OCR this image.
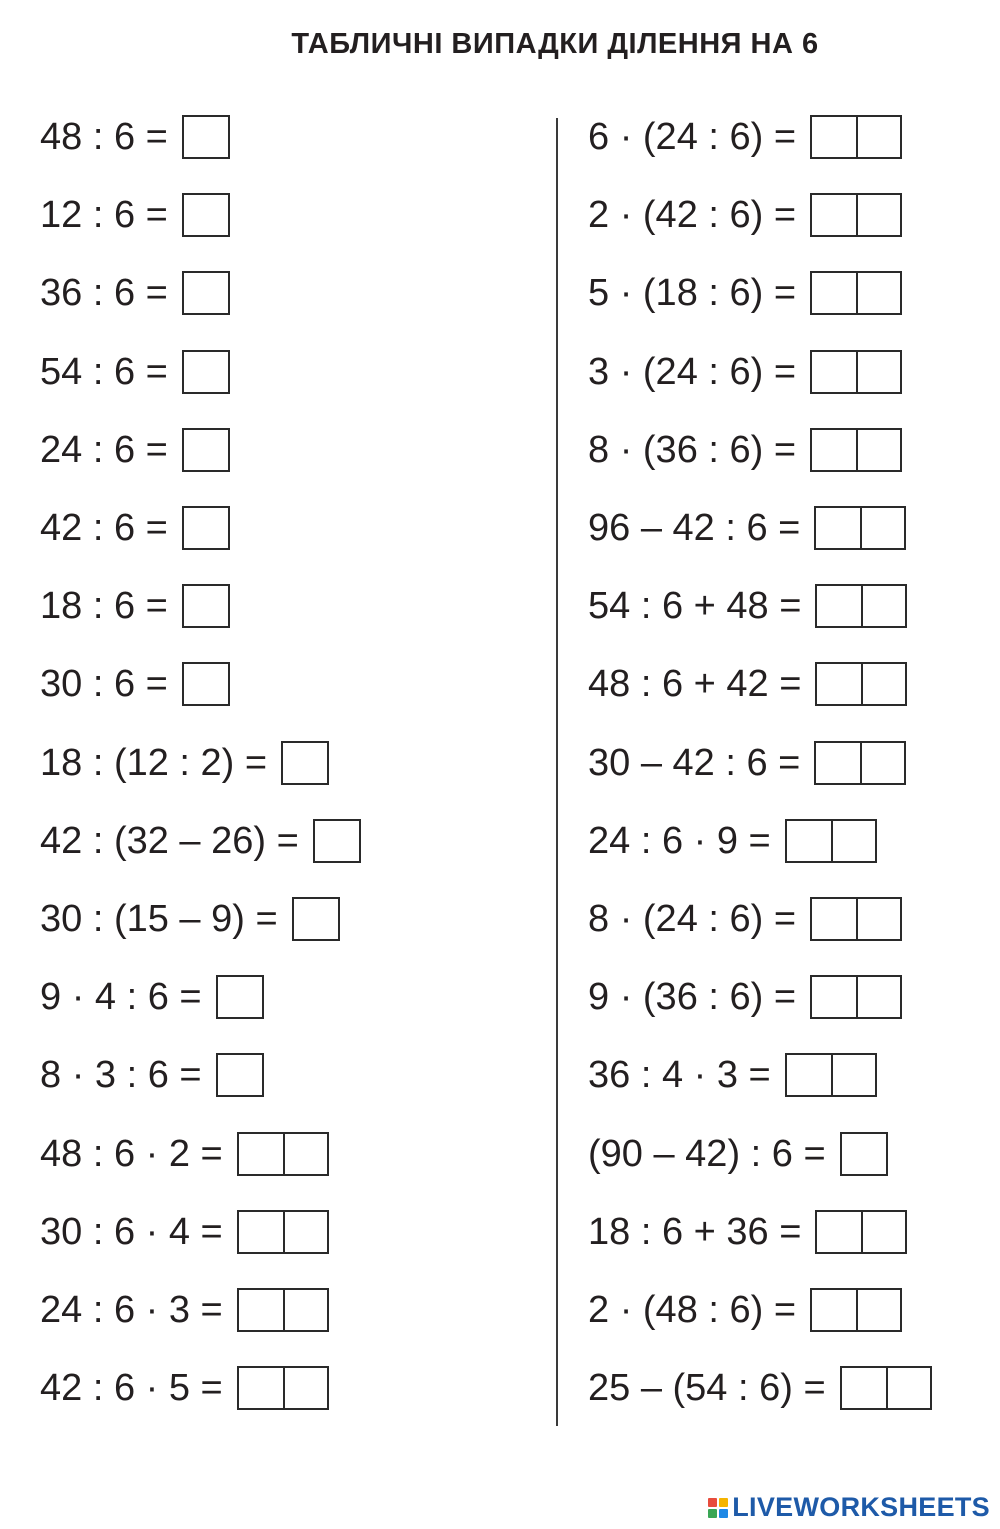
ТАБЛИЧНІ ВИПАДКИ ДІЛЕННЯ НА 6
48 : 6 =
12 : 6 =
36 : 6 =
54 : 6 =
24 : 6 =
42 : 6 =
18 : 6 =
30 : 6 =
18 : (12 : 2) =
42 : (32 – 26) =
30 : (15 – 9) =
9 · 4 : 6 =
8 · 3 : 6 =
48 : 6 · 2 =
30 : 6 · 4 =
24 : 6 · 3 =
42 : 6 · 5 =
6 · (24 : 6) =
2 · (42 : 6) =
5 · (18 : 6) =
3 · (24 : 6) =
8 · (36 : 6) =
96 – 42 : 6 =
54 : 6 + 48 =
48 : 6 + 42 =
30 – 42 : 6 =
24 : 6 · 9 =
8 · (24 : 6) =
9 · (36 : 6) =
36 : 4 · 3 =
(90 – 42) : 6 =
18 : 6 + 36 =
2 · (48 : 6) =
25 – (54 : 6) =
LIVEWORKSHEETS
